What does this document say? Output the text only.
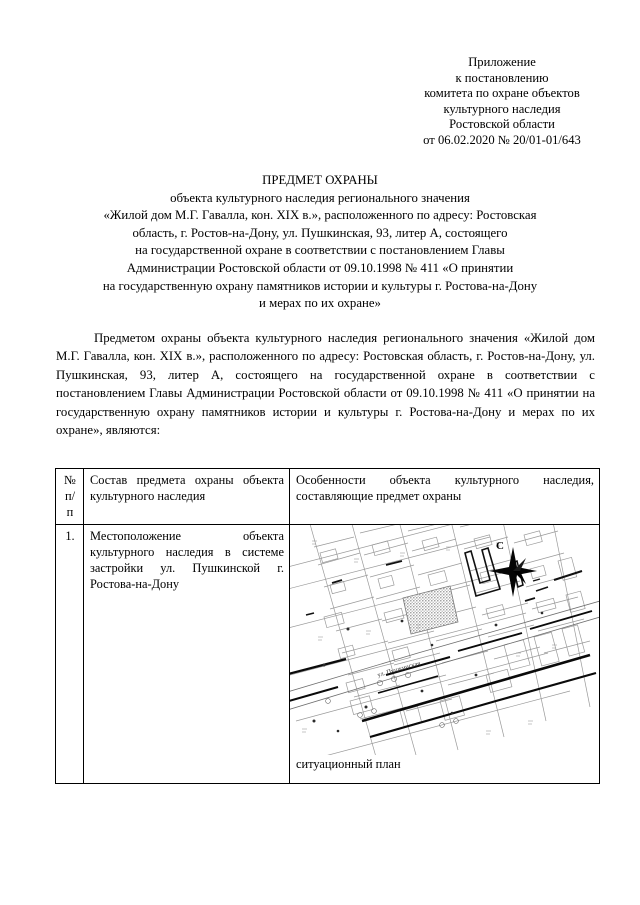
Приложение
к постановлению
комитета по охране объектов
культурного наследия
Ростовской области
от 06.02.2020 № 20/01-01/643
ПРЕДМЕТ ОХРАНЫ
объекта культурного наследия регионального значения
«Жилой дом М.Г. Гавалла, кон. XIX в.», расположенного по адресу: Ростовская
область, г. Ростов-на-Дону, ул. Пушкинская, 93, литер А, состоящего
на государственной охране в соответствии с постановлением Главы
Администрации Ростовской области от 09.10.1998 № 411 «О принятии
на государственную охрану памятников истории и культуры г. Ростова-на-Дону
и мерах по их охране»
Предметом охраны объекта культурного наследия регионального значения «Жилой дом М.Г. Гавалла, кон. XIX в.», расположенного по адресу: Ростовская область, г. Ростов-на-Дону, ул. Пушкинская, 93, литер А, состоящего на государственной охране в соответствии с постановлением Главы Администрации Ростовской области от 09.10.1998 № 411 «О принятии на государственную охрану памятников истории и культуры г. Ростова-на-Дону и мерах по их охране», являются:
№
п/п	Состав предмета охраны объекта культурного наследия	Особенности объекта культурного наследия, составляющие предмет охраны
1.	Местоположение объекта культурного наследия в системе застройки ул. Пушкинской г. Ростова-на-Дону	ул. Пушкинская
С
ситуационный план
